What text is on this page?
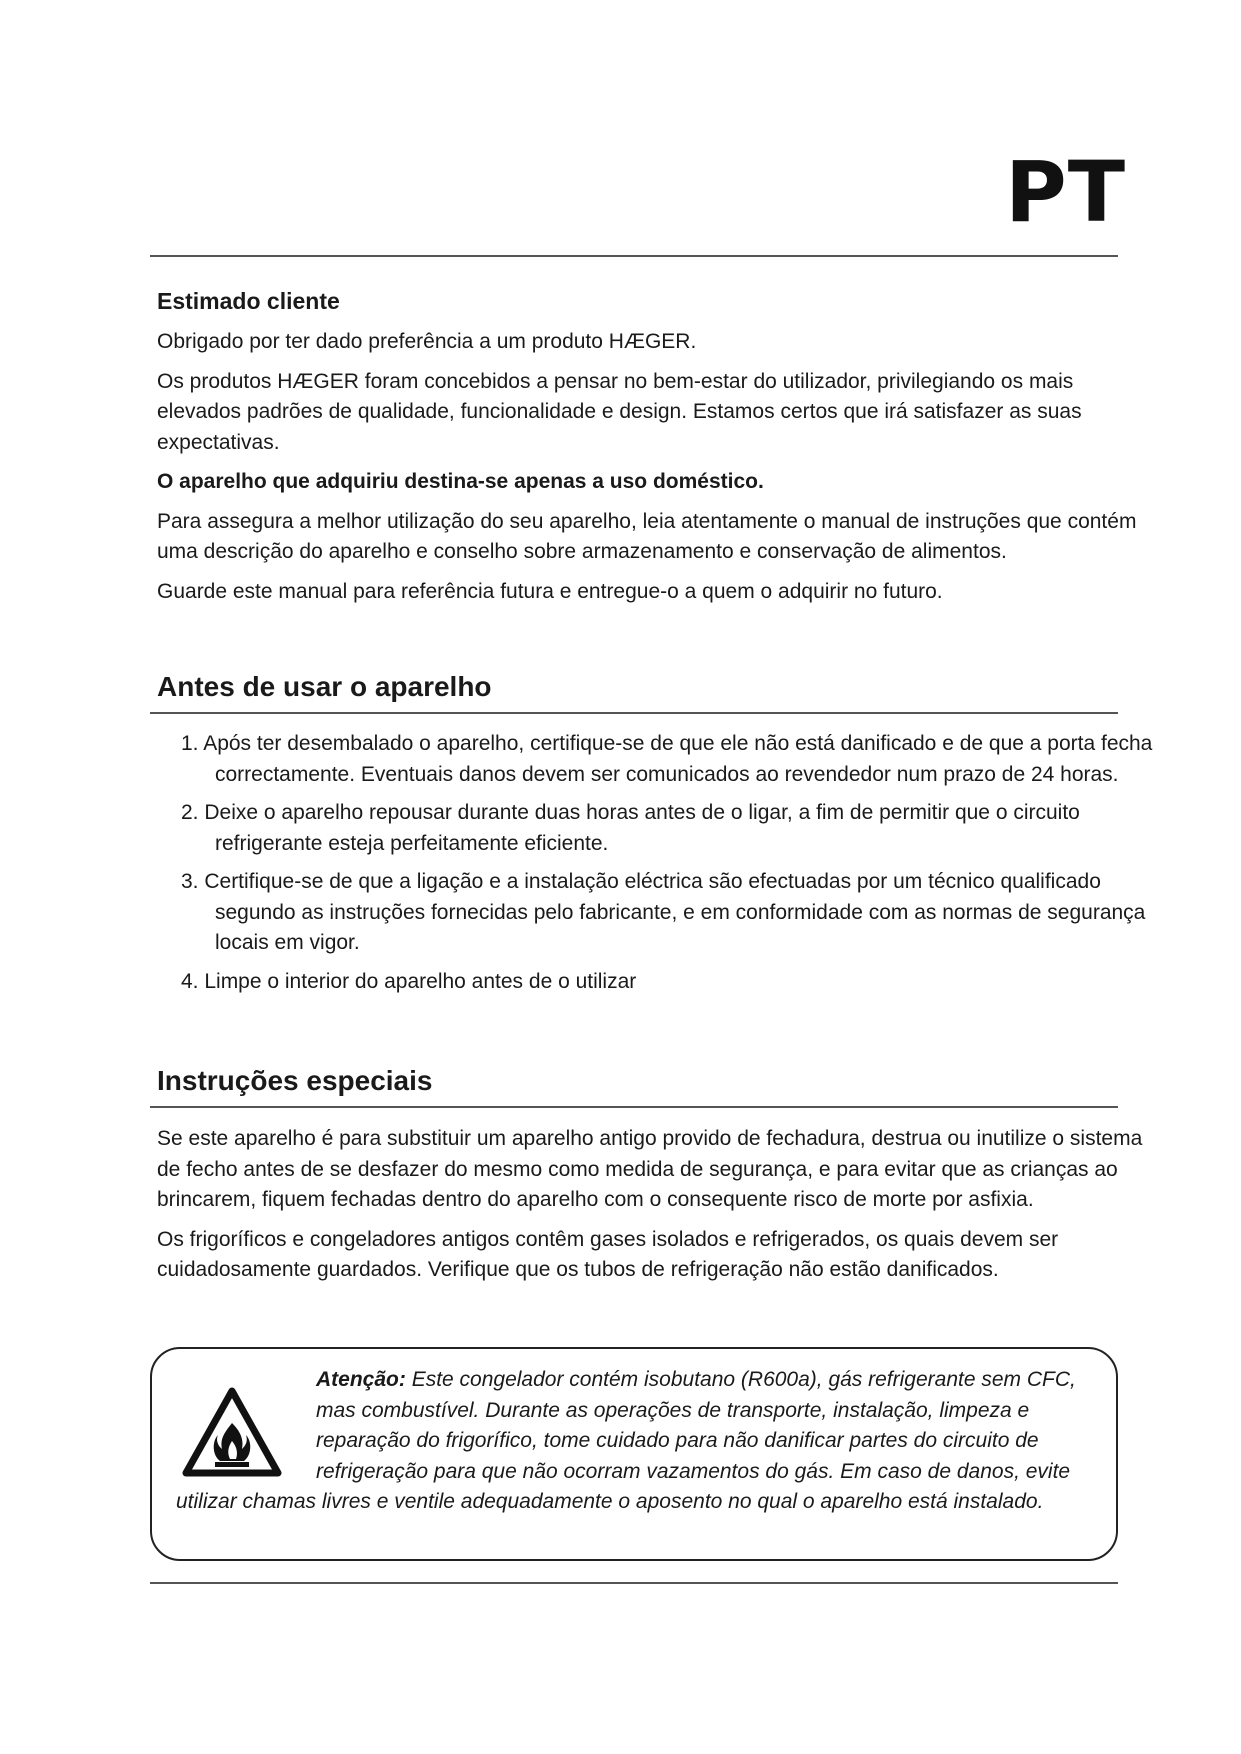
PT
Estimado cliente

Obrigado por ter dado preferência a um produto HÆGER.

Os produtos HÆGER foram concebidos a pensar no bem-estar do utilizador, privilegiando os mais elevados padrões de qualidade, funcionalidade e design. Estamos certos que irá satisfazer as suas expectativas.

O aparelho que adquiriu destina-se apenas a uso doméstico.

Para assegura a melhor utilização do seu aparelho, leia atentamente o manual de instruções que contém uma descrição do aparelho e conselho sobre armazenamento e conservação de alimentos.

Guarde este manual para referência futura e entregue-o a quem o adquirir no futuro.

Antes de usar o aparelho
1. Após ter desembalado o aparelho, certifique-se de que ele não está danificado e de que a porta fecha correctamente. Eventuais danos devem ser comunicados ao revendedor num prazo de 24 horas.
2. Deixe o aparelho repousar durante duas horas antes de o ligar, a fim de permitir que o circuito refrigerante esteja perfeitamente eficiente.
3. Certifique-se de que a ligação e a instalação eléctrica são efectuadas por um técnico qualificado segundo as instruções fornecidas pelo fabricante, e em conformidade com as normas de segurança locais em vigor.
4. Limpe o interior do aparelho antes de o utilizar
Instruções especiais

Se este aparelho é para substituir um aparelho antigo provido de fechadura, destrua ou inutilize o sistema de fecho antes de se desfazer do mesmo como medida de segurança, e para evitar que as crianças ao brincarem, fiquem fechadas dentro do aparelho com o consequente risco de morte por asfixia.

Os frigoríficos e congeladores antigos contêm gases isolados e refrigerados, os quais devem ser cuidadosamente guardados. Verifique que os tubos de refrigeração não estão danificados.

Atenção: Este congelador contém isobutano (R600a), gás refrigerante sem CFC, mas combustível. Durante as operações de transporte, instalação, limpeza e reparação do frigorífico, tome cuidado para não danificar partes do circuito de refrigeração para que não ocorram vazamentos do gás. Em caso de danos, evite utilizar chamas livres e ventile adequadamente o aposento no qual o aparelho está instalado.
